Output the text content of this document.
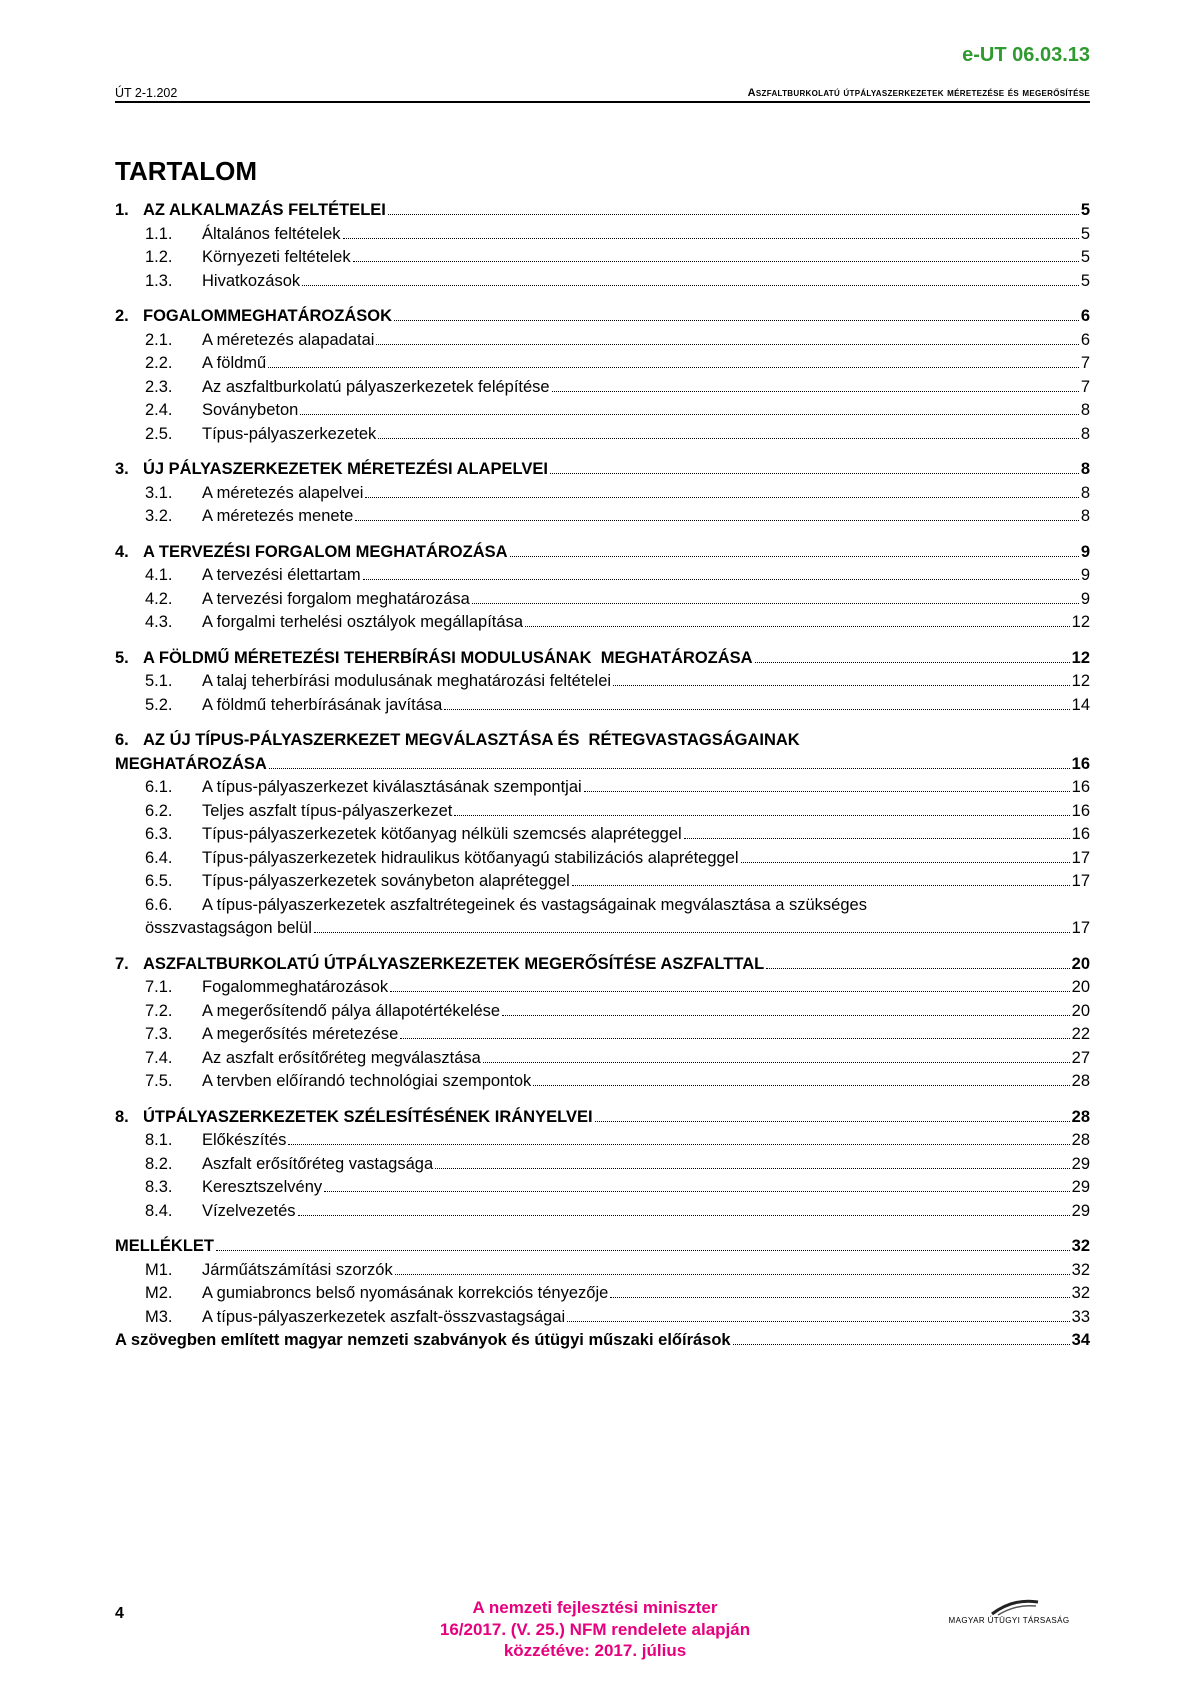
e-UT 06.03.13
ÚT 2-1.202	Aszfaltburkolatú útpályaszerkezetek méretezése és megerősítése
TARTALOM
1. AZ ALKALMAZÁS FELTÉTELEI	5
1.1.	Általános feltételek	5
1.2.	Környezeti feltételek	5
1.3.	Hivatkozások	5
2. FOGALOMMEGHATÁROZÁSOK	6
2.1.	A méretezés alapadatai	6
2.2.	A földmű	7
2.3.	Az aszfaltburkolatú pályaszerkezetek felépítése	7
2.4.	Soványbeton	8
2.5.	Típus-pályaszerkezetek	8
3. ÚJ PÁLYASZERKEZETEK MÉRETEZÉSI ALAPELVEI	8
3.1.	A méretezés alapelvei	8
3.2.	A méretezés menete	8
4. A TERVEZÉSI FORGALOM MEGHATÁROZÁSA	9
4.1.	A tervezési élettartam	9
4.2.	A tervezési forgalom meghatározása	9
4.3.	A forgalmi terhelési osztályok megállapítása	12
5. A FÖLDMŰ MÉRETEZÉSI TEHERBÍRÁSI MODULUSÁNAK  MEGHATÁROZÁSA	12
5.1.	A talaj teherbírási modulusának meghatározási feltételei	12
5.2.	A földmű teherbírásának javítása	14
6. AZ ÚJ TÍPUS-PÁLYASZERKEZET MEGVÁLASZTÁSA ÉS  RÉTEGVASTAGSÁGAINAK
MEGHATÁROZÁSA	16
6.1.	A típus-pályaszerkezet kiválasztásának szempontjai	16
6.2.	Teljes aszfalt típus-pályaszerkezet	16
6.3.	Típus-pályaszerkezetek kötőanyag nélküli szemcsés alapréteggel	16
6.4.	Típus-pályaszerkezetek hidraulikus kötőanyagú stabilizációs alapréteggel	17
6.5.	Típus-pályaszerkezetek soványbeton alapréteggel	17
6.6.	A típus-pályaszerkezetek aszfaltrétegeinek és vastagságainak megválasztása a szükséges
összvastagságon belül	17
7. ASZFALTBURKOLATÚ ÚTPÁLYASZERKEZETEK MEGERŐSÍTÉSE ASZFALTTAL	20
7.1.	Fogalommeghatározások	20
7.2.	A megerősítendő pálya állapotértékelése	20
7.3.	A megerősítés méretezése	22
7.4.	Az aszfalt erősítőréteg megválasztása	27
7.5.	A tervben előírandó technológiai szempontok	28
8. ÚTPÁLYASZERKEZETEK SZÉLESÍTÉSÉNEK IRÁNYELVEI	28
8.1.	Előkészítés	28
8.2.	Aszfalt erősítőréteg vastagsága	29
8.3.	Keresztszelvény	29
8.4.	Vízelvezetés	29
MELLÉKLET	32
M1.	Járműátszámítási szorzók	32
M2.	A gumiabroncs belső nyomásának korrekciós tényezője	32
M3.	A típus-pályaszerkezetek aszfalt-összvastagságai	33
A szövegben említett magyar nemzeti szabványok és útügyi műszaki előírások	34
4	A nemzeti fejlesztési miniszter
16/2017. (V. 25.) NFM rendelete alapján
közzétéve: 2017. július
MAGYAR ÚTÜGYI TÁRSASÁG
